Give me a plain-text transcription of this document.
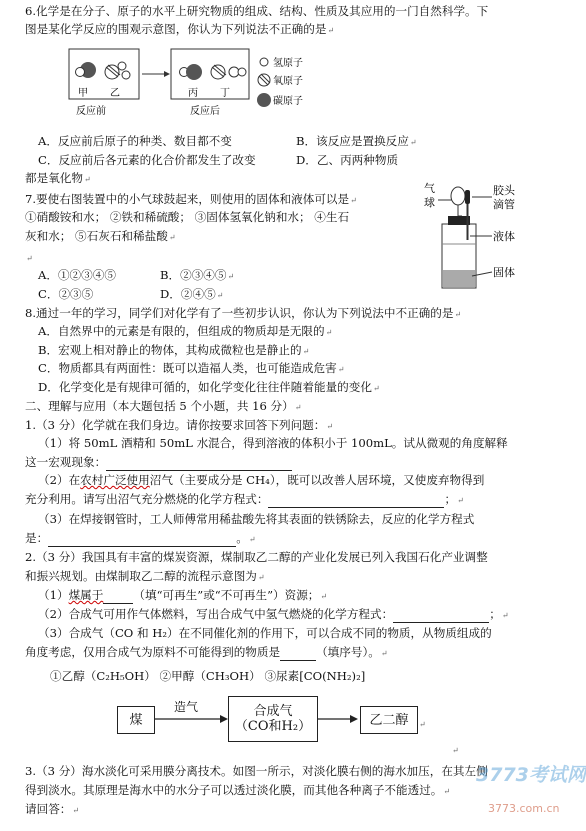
6.化学是在分子、原子的水平上研究物质的组成、结构、性质及其应用的一门自然科学。下
图是某化学反应的围观示意图，你认为下列说法不正确的是↵
甲 乙	丙 丁
反应前	反应后
氢原子
氧原子
碳原子
A．反应前后原子的种类、数目都不变	B．该反应是置换反应↵
C．反应前后各元素的化合价都发生了改变	D．乙、丙两种物质
都是氧化物↵
7.要使右图装置中的小气球鼓起来，则使用的固体和液体可以是↵
①硝酸铵和水； ②铁和稀硫酸； ③固体氢氧化钠和水； ④生石
灰和水； ⑤石灰石和稀盐酸↵
↵
A．①②③④⑤	B．②③④⑤↵
C．②③⑤	D．②④⑤↵
气
球
胶头
滴管
液体
固体
8.通过一年的学习，同学们对化学有了一些初步认识，你认为下列说法中不正确的是↵
A．自然界中的元素是有限的，但组成的物质却是无限的↵
B．宏观上相对静止的物体，其构成微粒也是静止的↵
C．物质都具有两面性：既可以造福人类，也可能造成危害↵
D．化学变化是有规律可循的，如化学变化往往伴随着能量的变化↵
二、理解与应用（本大题包括 5 个小题，共 16 分）↵
1.（3 分）化学就在我们身边。请你按要求回答下列问题：↵
（1）将 50mL 酒精和 50mL 水混合，得到溶液的体积小于 100mL。试从微观的角度解释
这一宏观现象：
（2）在农村广泛使用沼气（主要成分是 CH₄），既可以改善人居环境，又使废弃物得到
充分利用。请写出沼气充分燃烧的化学方程式：	；↵
（3）在焊接钢管时，工人师傅常用稀盐酸先将其表面的铁锈除去，反应的化学方程式
是：	。↵
2.（3 分）我国具有丰富的煤炭资源，煤制取乙二醇的产业化发展已列入我国石化产业调整
和振兴规划。由煤制取乙二醇的流程示意图为↵
（1）煤属于	（填“可再生”或“不可再生”）资源；↵
（2）合成气可用作气体燃料，写出合成气中氢气燃烧的化学方程式：	；↵
（3）合成气（CO 和 H₂）在不同催化剂的作用下，可以合成不同的物质，从物质组成的
角度考虑，仅用合成气为原料不可能得到的物质是	（填序号）。↵
①乙醇（C₂H₅OH） ②甲醇（CH₃OH） ③尿素[CO(NH₂)₂]
煤
造气	合成气
（CO和H₂）	乙二醇 ↵
↵
3.（3 分）海水淡化可采用膜分离技术。如图一所示，对淡化膜右侧的海水加压，在其左侧
得到淡水。其原理是海水中的水分子可以透过淡化膜，而其他各种离子不能透过。↵
请回答：↵
3773考试网
3773.com.cn
